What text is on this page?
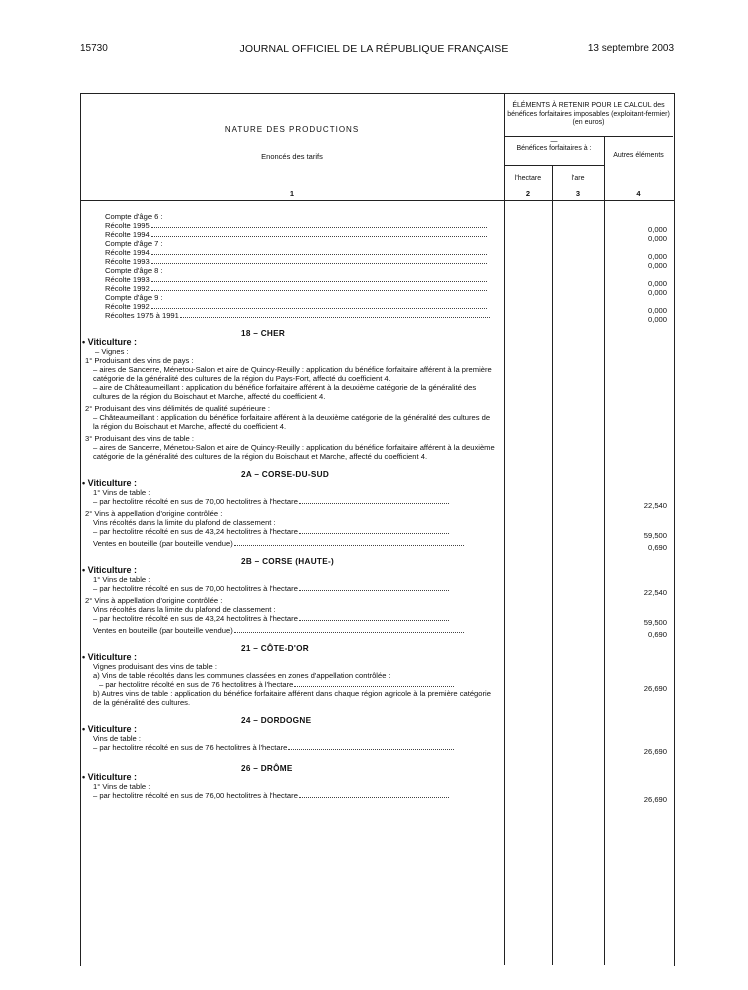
15730	JOURNAL OFFICIEL DE LA RÉPUBLIQUE FRANÇAISE	13 septembre 2003
NATURE DES PRODUCTIONS
Enoncés des tarifs
1
ÉLÉMENTS À RETENIR POUR LE CALCUL des bénéfices forfaitaires imposables (exploitant-fermier) (en euros)
—
Bénéfices forfaitaires à :
Autres éléments
l'hectare	l'are
2	3	4
Compte d'âge 6 :
Récolte 1995	0,000
Récolte 1994	0,000
Compte d'âge 7 :
Récolte 1994	0,000
Récolte 1993	0,000
Compte d'âge 8 :
Récolte 1993	0,000
Récolte 1992	0,000
Compte d'âge 9 :
Récolte 1992	0,000
Récoltes 1975 à 1991	0,000
18 – CHER
• Viticulture :
– Vignes :
1° Produisant des vins de pays :
– aires de Sancerre, Ménetou-Salon et aire de Quincy-Reuilly : application du bénéfice forfaitaire afférent à la première catégorie de la généralité des cultures de la région du Pays-Fort, affecté du coefficient 4.
– aire de Châteaumeillant : application du bénéfice forfaitaire afférent à la deuxième catégorie de la généralité des cultures de la région du Boischaut et Marche, affecté du coefficient 4.
2° Produisant des vins délimités de qualité supérieure :
– Châteaumeillant : application du bénéfice forfaitaire afférent à la deuxième catégorie de la généralité des cultures de la région du Boischaut et Marche, affecté du coefficient 4.
3° Produisant des vins de table :
– aires de Sancerre, Ménetou-Salon et aire de Quincy-Reuilly : application du bénéfice forfaitaire afférent à la deuxième catégorie de la généralité des cultures de la région du Boischaut et Marche, affecté du coefficient 4.
2A – CORSE-DU-SUD
• Viticulture :
1° Vins de table :
– par hectolitre récolté en sus de 70,00 hectolitres à l'hectare	22,540
2° Vins à appellation d'origine contrôlée :
Vins récoltés dans la limite du plafond de classement :
– par hectolitre récolté en sus de 43,24 hectolitres à l'hectare	59,500
Ventes en bouteille (par bouteille vendue)	0,690
2B – CORSE (HAUTE-)
• Viticulture :
1° Vins de table :
– par hectolitre récolté en sus de 70,00 hectolitres à l'hectare	22,540
2° Vins à appellation d'origine contrôlée :
Vins récoltés dans la limite du plafond de classement :
– par hectolitre récolté en sus de 43,24 hectolitres à l'hectare	59,500
Ventes en bouteille (par bouteille vendue)	0,690
21 – CÔTE-D'OR
• Viticulture :
Vignes produisant des vins de table :
a) Vins de table récoltés dans les communes classées en zones d'appellation contrôlée :
– par hectolitre récolté en sus de 76 hectolitres à l'hectare	26,690
b) Autres vins de table : application du bénéfice forfaitaire afférent dans chaque région agricole à la première catégorie de la généralité des cultures.
24 – DORDOGNE
• Viticulture :
Vins de table :
– par hectolitre récolté en sus de 76 hectolitres à l'hectare	26,690
26 – DRÔME
• Viticulture :
1° Vins de table :
– par hectolitre récolté en sus de 76,00 hectolitres à l'hectare	26,690
